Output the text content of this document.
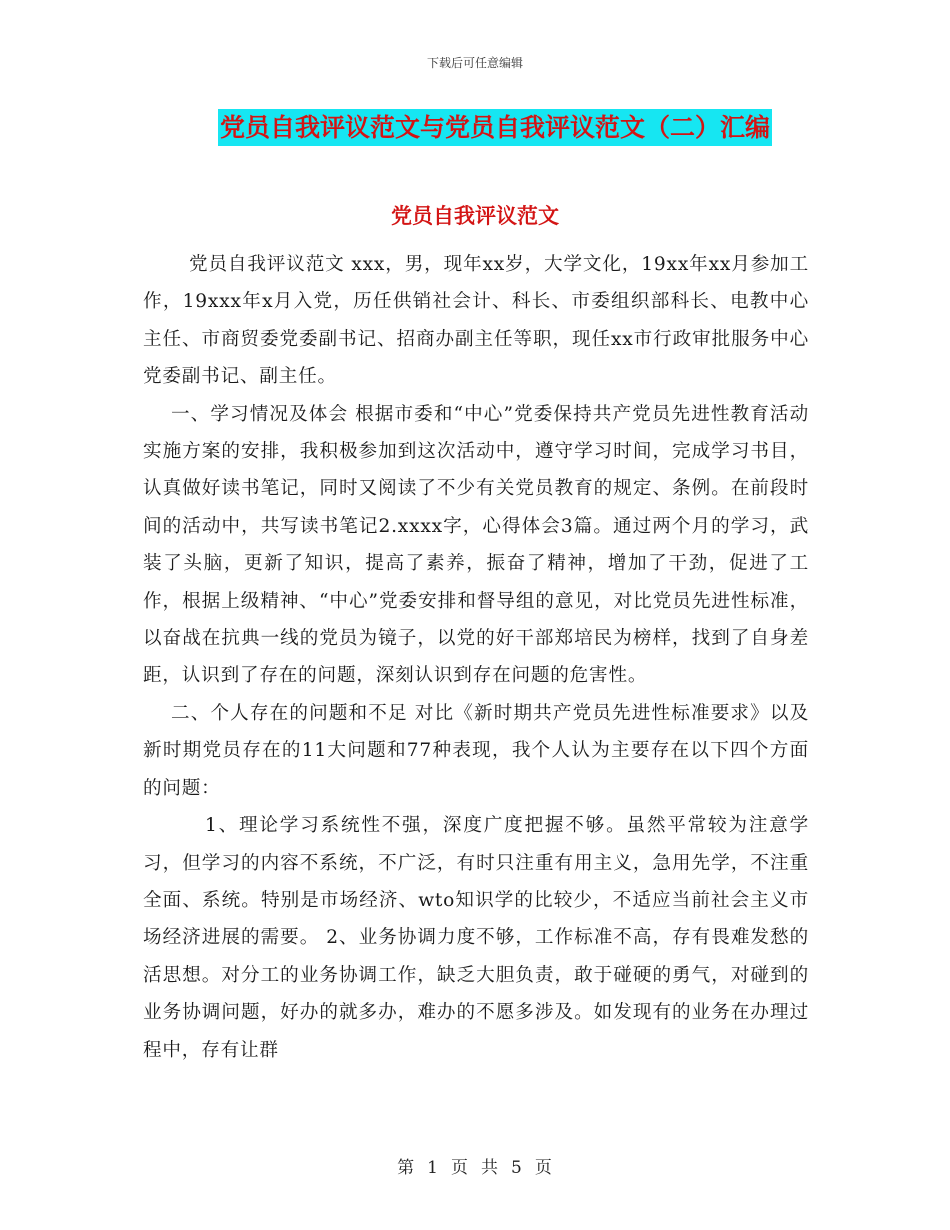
下载后可任意编辑
党员自我评议范文与党员自我评议范文（二）汇编
党员自我评议范文

党员自我评议范文 xxx，男，现年xx岁，大学文化，19xx年xx月参加工作，19xxx年x月入党，历任供销社会计、科长、市委组织部科长、电教中心主任、市商贸委党委副书记、招商办副主任等职，现任xx市行政审批服务中心党委副书记、副主任。

一、学习情况及体会 根据市委和“中心”党委保持共产党员先进性教育活动实施方案的安排，我积极参加到这次活动中，遵守学习时间，完成学习书目，认真做好读书笔记，同时又阅读了不少有关党员教育的规定、条例。在前段时间的活动中，共写读书笔记2.xxxx字，心得体会3篇。通过两个月的学习，武装了头脑，更新了知识，提高了素养，振奋了精神，增加了干劲，促进了工作，根据上级精神、“中心”党委安排和督导组的意见，对比党员先进性标准，以奋战在抗典一线的党员为镜子，以党的好干部郑培民为榜样，找到了自身差距，认识到了存在的问题，深刻认识到存在问题的危害性。

二、个人存在的问题和不足 对比《新时期共产党员先进性标准要求》以及新时期党员存在的11大问题和77种表现，我个人认为主要存在以下四个方面的问题：

1、理论学习系统性不强，深度广度把握不够。虽然平常较为注意学习，但学习的内容不系统，不广泛，有时只注重有用主义，急用先学，不注重全面、系统。特别是市场经济、wto知识学的比较少，不适应当前社会主义市场经济进展的需要。 2、业务协调力度不够，工作标准不高，存有畏难发愁的活思想。对分工的业务协调工作，缺乏大胆负责，敢于碰硬的勇气，对碰到的业务协调问题，好办的就多办，难办的不愿多涉及。如发现有的业务在办理过程中，存有让群

第 1 页 共 5 页
